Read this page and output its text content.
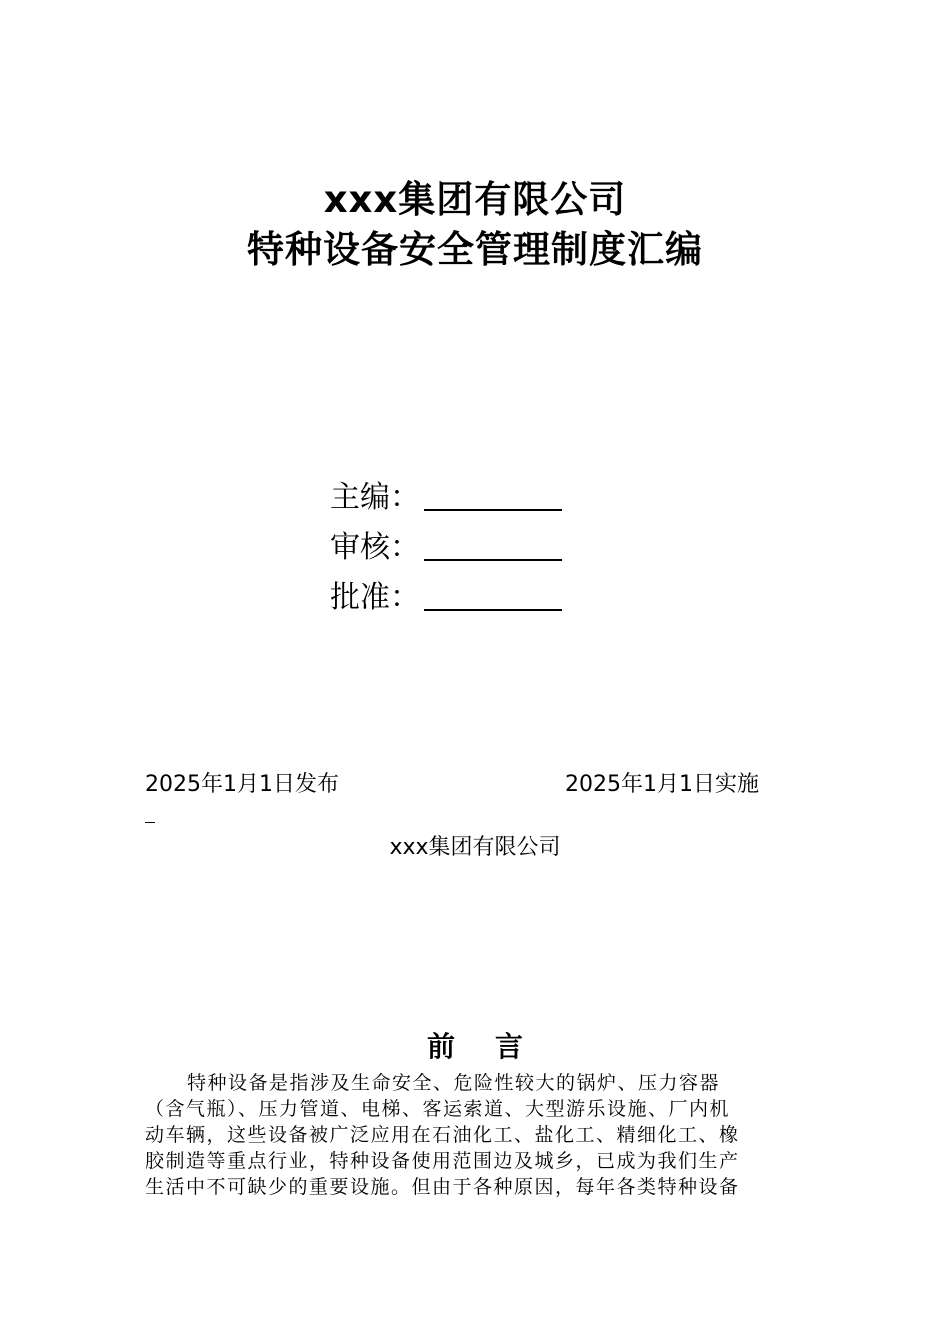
xxx集团有限公司
特种设备安全管理制度汇编
主编：
审核：
批准：
2025年1月1日发布	2025年1月1日实施
xxx集团有限公司
前言
特种设备是指涉及生命安全、危险性较大的锅炉、压力容器
（含气瓶）、压力管道、电梯、客运索道、大型游乐设施、厂内机
动车辆，这些设备被广泛应用在石油化工、盐化工、精细化工、橡
胶制造等重点行业，特种设备使用范围边及城乡，已成为我们生产
生活中不可缺少的重要设施。但由于各种原因，每年各类特种设备
